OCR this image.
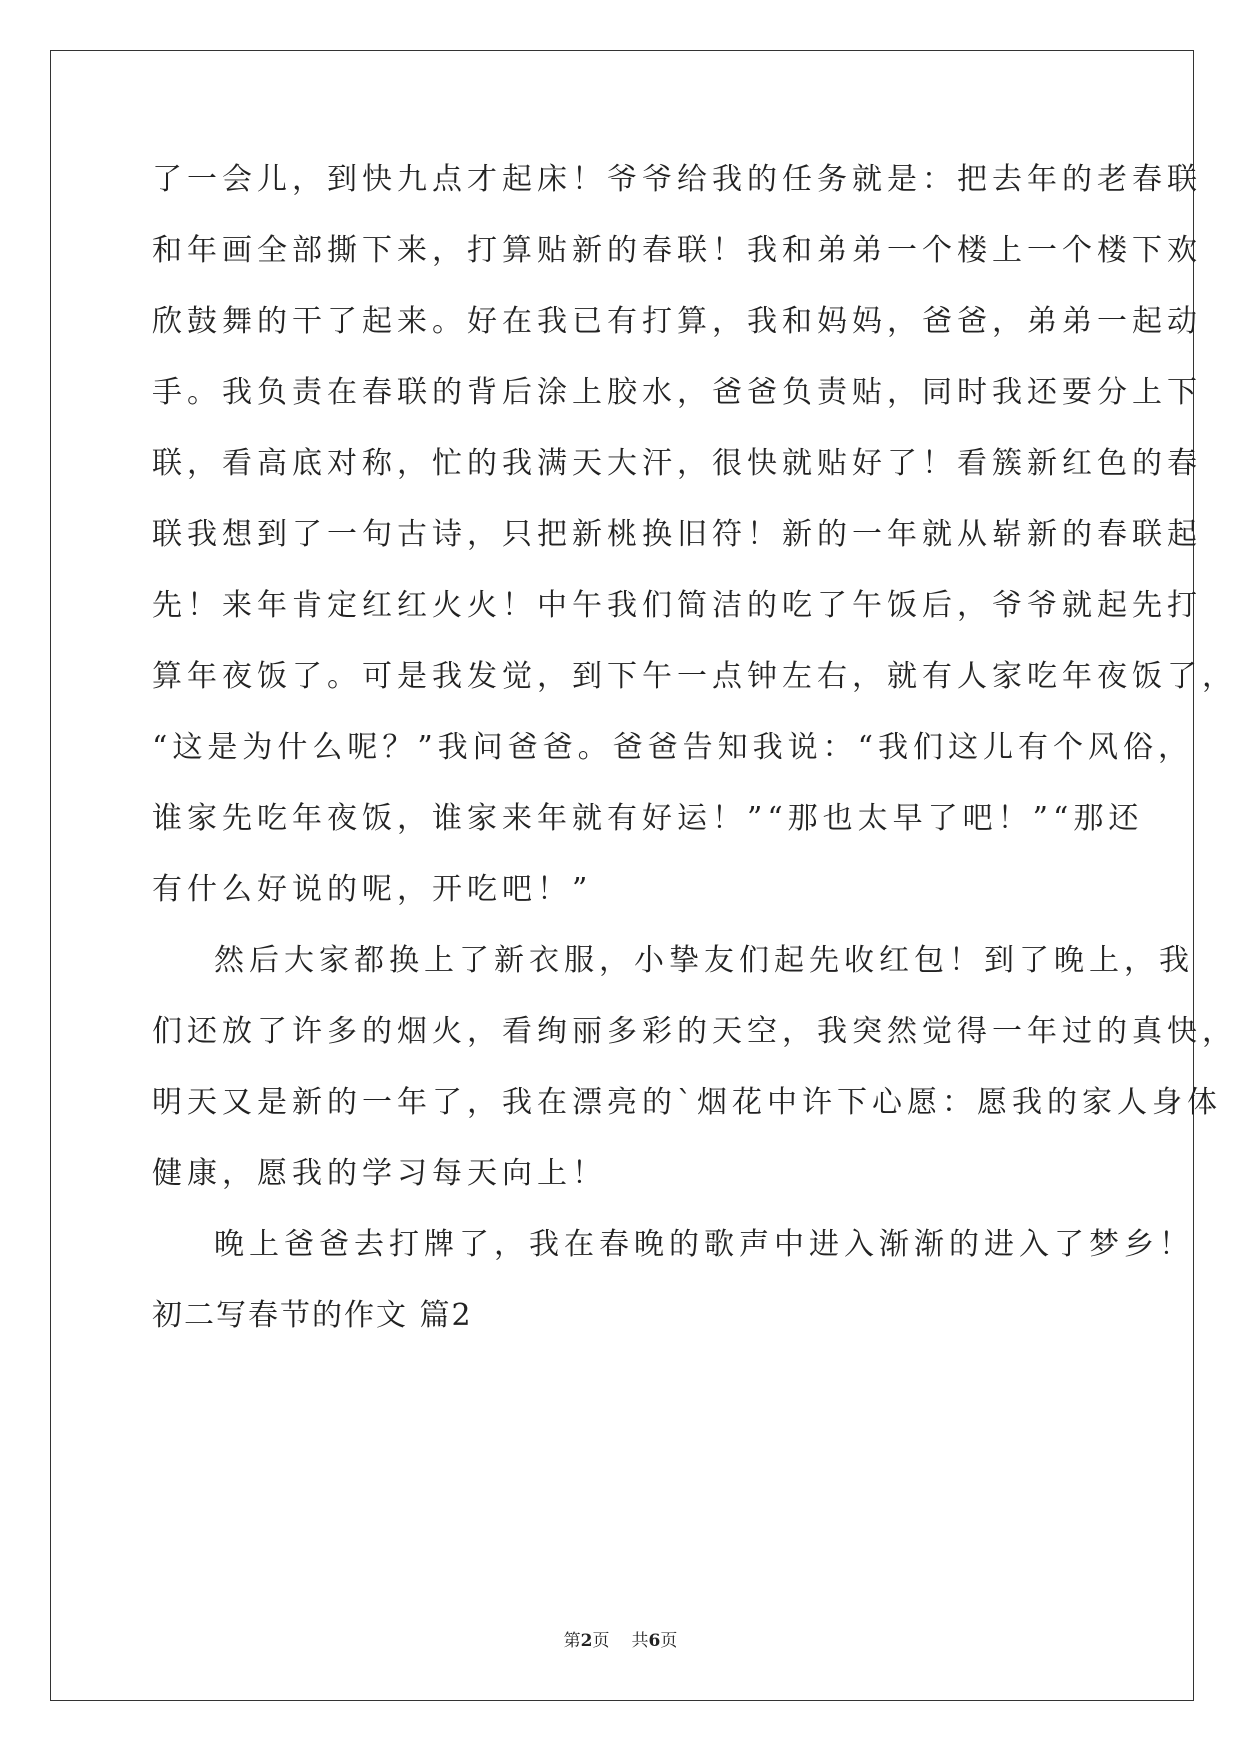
了一会儿，到快九点才起床！爷爷给我的任务就是：把去年的老春联
和年画全部撕下来，打算贴新的春联！我和弟弟一个楼上一个楼下欢
欣鼓舞的干了起来。好在我已有打算，我和妈妈，爸爸，弟弟一起动
手。我负责在春联的背后涂上胶水，爸爸负责贴，同时我还要分上下
联，看高底对称，忙的我满天大汗，很快就贴好了！看簇新红色的春
联我想到了一句古诗，只把新桃换旧符！新的一年就从崭新的春联起
先！来年肯定红红火火！中午我们简洁的吃了午饭后，爷爷就起先打
算年夜饭了。可是我发觉，到下午一点钟左右，就有人家吃年夜饭了，
“这是为什么呢？”我问爸爸。爸爸告知我说：“我们这儿有个风俗，
谁家先吃年夜饭，谁家来年就有好运！”“那也太早了吧！”“那还
有什么好说的呢，开吃吧！”
然后大家都换上了新衣服，小挚友们起先收红包！到了晚上，我
们还放了许多的烟火，看绚丽多彩的天空，我突然觉得一年过的真快，
明天又是新的一年了，我在漂亮的`烟花中许下心愿：愿我的家人身体
健康，愿我的学习每天向上！
晚上爸爸去打牌了，我在春晚的歌声中进入渐渐的进入了梦乡！
初二写春节的作文 篇2
第2页 共6页
